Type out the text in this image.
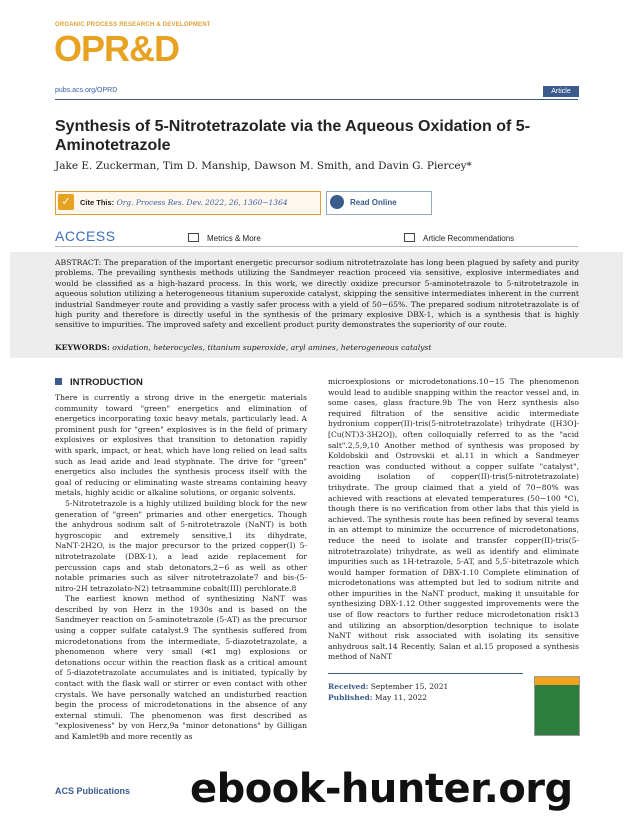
ORGANIC PROCESS RESEARCH & DEVELOPMENT
OPR&D
pubs.acs.org/OPRD	Article
Synthesis of 5-Nitrotetrazolate via the Aqueous Oxidation of 5-Aminotetrazole
Jake E. Zuckerman, Tim D. Manship, Dawson M. Smith, and Davin G. Piercey*
✓	Cite This: Org. Process Res. Dev. 2022, 26, 1360−1364	Read Online
ACCESS	Metrics & More	Article Recommendations
ABSTRACT: The preparation of the important energetic precursor sodium nitrotetrazolate has long been plagued by safety and purity problems. The prevailing synthesis methods utilizing the Sandmeyer reaction proceed via sensitive, explosive intermediates and would be classified as a high-hazard process. In this work, we directly oxidize precursor 5-aminotetrazole to 5-nitrotetrazole in aqueous solution utilizing a heterogeneous titanium superoxide catalyst, skipping the sensitive intermediates inherent in the current industrial Sandmeyer route and providing a vastly safer process with a yield of 50−65%. The prepared sodium nitrotetrazolate is of high purity and therefore is directly useful in the synthesis of the primary explosive DBX-1, which is a synthesis that is highly sensitive to impurities. The improved safety and excellent product purity demonstrates the superiority of our route.
KEYWORDS: oxidation, heterocycles, titanium superoxide, aryl amines, heterogeneous catalyst
INTRODUCTION

There is currently a strong drive in the energetic materials community toward "green" energetics and elimination of energetics incorporating toxic heavy metals, particularly lead. A prominent push for "green" explosives is in the field of primary explosives or explosives that transition to detonation rapidly with spark, impact, or heat, which have long relied on lead salts such as lead azide and lead styphnate. The drive for "green" energetics also includes the synthesis process itself with the goal of reducing or eliminating waste streams containing heavy metals, highly acidic or alkaline solutions, or organic solvents.

5-Nitrotetrazole is a highly utilized building block for the new generation of "green" primaries and other energetics. Though the anhydrous sodium salt of 5-nitrotetrazole (NaNT) is both hygroscopic and extremely sensitive,1 its dihydrate, NaNT·2H2O, is the major precursor to the prized copper(I) 5-nitrotetrazolate (DBX-1), a lead azide replacement for percussion caps and stab detonators,2−6 as well as other notable primaries such as silver nitrotetrazolate7 and bis-(5-nitro-2H tetrazolato-N2) tetraammine cobalt(III) perchlorate.8

The earliest known method of synthesizing NaNT was described by von Herz in the 1930s and is based on the Sandmeyer reaction on 5-aminotetrazole (5-AT) as the precursor using a copper sulfate catalyst.9 The synthesis suffered from microdetonations from the intermediate, 5-diazotetrazolate, a phenomenon where very small (≪1 mg) explosions or detonations occur within the reaction flask as a critical amount of 5-diazotetrazolate accumulates and is initiated, typically by contact with the flask wall or stirrer or even contact with other crystals. We have personally watched an undisturbed reaction begin the process of microdetonations in the absence of any external stimuli. The phenomenon was first described as "explosiveness" by von Herz,9a "minor detonations" by Gilligan and Kamlet9b and more recently as

microexplosions or microdetonations.10−15 The phenomenon would lead to audible snapping within the reactor vessel and, in some cases, glass fracture.9b The von Herz synthesis also required filtration of the sensitive acidic intermediate hydronium copper(II)-tris(5-nitrotetrazolate) trihydrate ([H3O]-[Cu(NT)3·3H2O]), often colloquially referred to as the "acid salt".2,5,9,10 Another method of synthesis was proposed by Koldobskii and Ostrovskii et al.11 in which a Sandmeyer reaction was conducted without a copper sulfate "catalyst", avoiding isolation of copper(II)-tris(5-nitrotetrazolate) trihydrate. The group claimed that a yield of 70−80% was achieved with reactions at elevated temperatures (50−100 °C), though there is no verification from other labs that this yield is achieved. The synthesis route has been refined by several teams in an attempt to minimize the occurrence of microdetonations, reduce the need to isolate and transfer copper(II)-tris(5-nitrotetrazolate) trihydrate, as well as identify and eliminate impurities such as 1H-tetrazole, 5-AT, and 5,5′-bitetrazole which would hamper formation of DBX-1.10 Complete elimination of microdetonations was attempted but led to sodium nitrite and other impurities in the NaNT product, making it unsuitable for synthesizing DBX-1.12 Other suggested improvements were the use of flow reactors to further reduce microdetonation risk13 and utilizing an absorption/desorption technique to isolate NaNT without risk associated with isolating its sensitive anhydrous salt.14 Recently, Salan et al.15 proposed a synthesis method of NaNT

Received: September 15, 2021
Published: May 11, 2022
ACS Publications ebook-hunter.org
